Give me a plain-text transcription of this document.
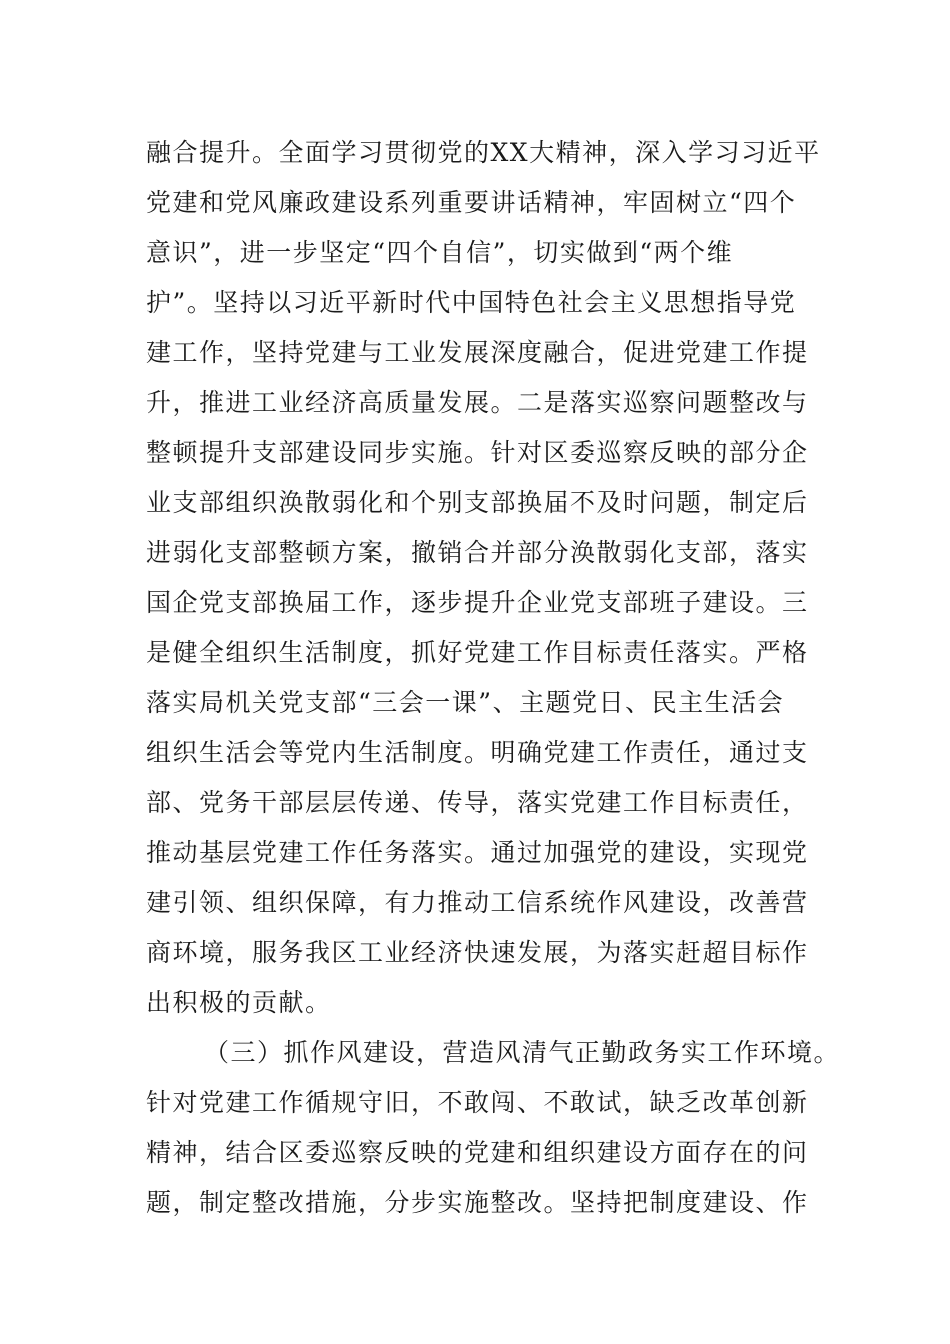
融合提升。全面学习贯彻党的XX大精神，深入学习习近平
党建和党风廉政建设系列重要讲话精神，牢固树立“四个
意识”，进一步坚定“四个自信”，切实做到“两个维
护”。坚持以习近平新时代中国特色社会主义思想指导党
建工作，坚持党建与工业发展深度融合，促进党建工作提
升，推进工业经济高质量发展。二是落实巡察问题整改与
整顿提升支部建设同步实施。针对区委巡察反映的部分企
业支部组织涣散弱化和个别支部换届不及时问题，制定后
进弱化支部整顿方案，撤销合并部分涣散弱化支部，落实
国企党支部换届工作，逐步提升企业党支部班子建设。三
是健全组织生活制度，抓好党建工作目标责任落实。严格
落实局机关党支部“三会一课”、主题党日、民主生活会
组织生活会等党内生活制度。明确党建工作责任，通过支
部、党务干部层层传递、传导，落实党建工作目标责任，
推动基层党建工作任务落实。通过加强党的建设，实现党
建引领、组织保障，有力推动工信系统作风建设，改善营
商环境，服务我区工业经济快速发展，为落实赶超目标作
出积极的贡献。
（三）抓作风建设，营造风清气正勤政务实工作环境。
针对党建工作循规守旧，不敢闯、不敢试，缺乏改革创新
精神，结合区委巡察反映的党建和组织建设方面存在的问
题，制定整改措施，分步实施整改。坚持把制度建设、作
